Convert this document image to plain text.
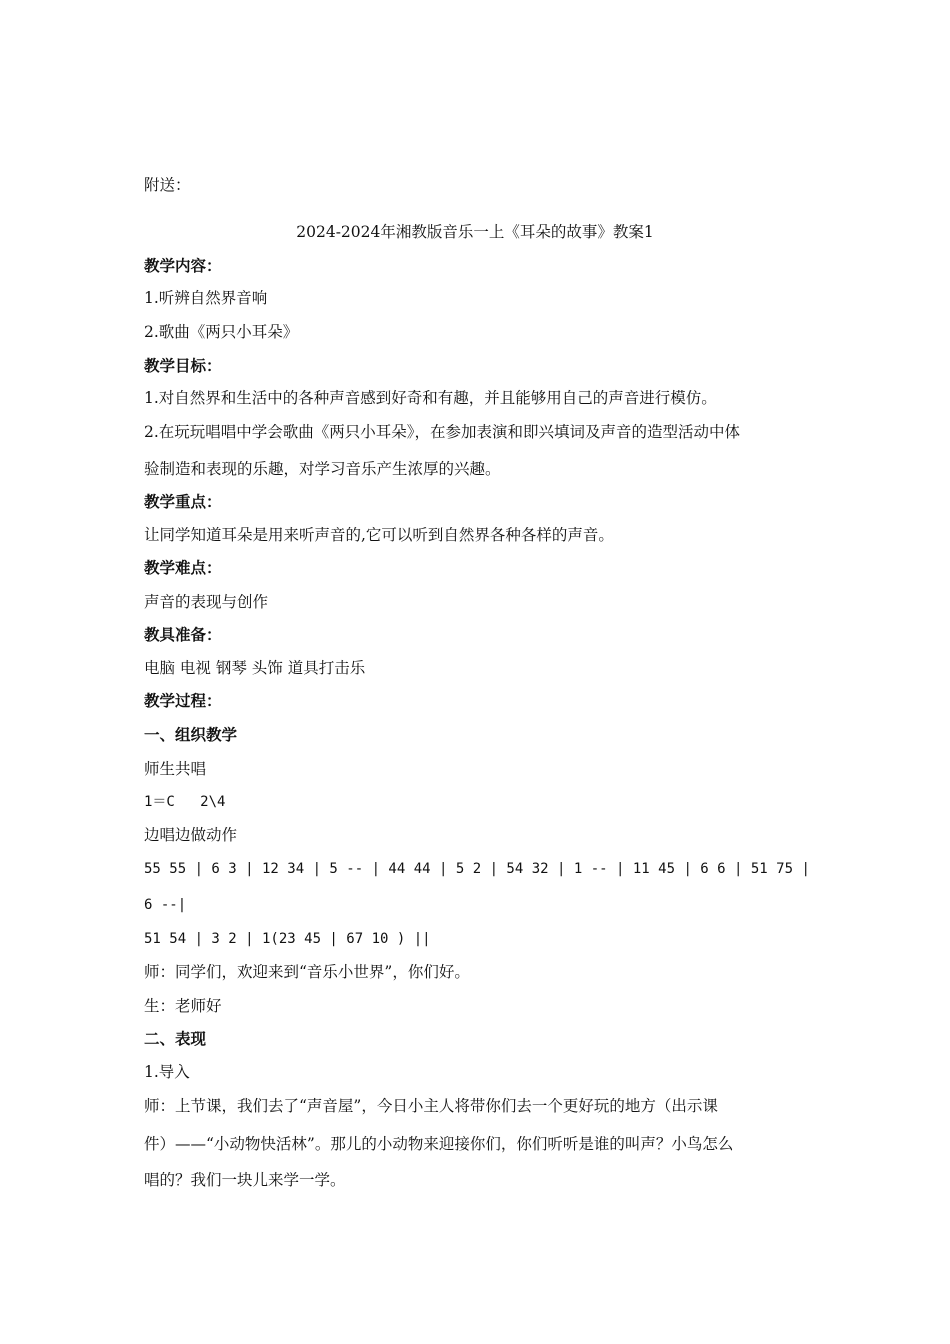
附送：
2024-2024年湘教版音乐一上《耳朵的故事》教案1
教学内容：
1.听辨自然界音响
2.歌曲《两只小耳朵》
教学目标：
1.对自然界和生活中的各种声音感到好奇和有趣，并且能够用自己的声音进行模仿。
2.在玩玩唱唱中学会歌曲《两只小耳朵》，在参加表演和即兴填词及声音的造型活动中体
验制造和表现的乐趣，对学习音乐产生浓厚的兴趣。
教学重点：
让同学知道耳朵是用来听声音的,它可以听到自然界各种各样的声音。
教学难点：
声音的表现与创作
教具准备：
电脑 电视 钢琴 头饰 道具打击乐
教学过程：
一、组织教学
师生共唱
1＝C   2\4
边唱边做动作
55 55 | 6 3 | 12 34 | 5 -- | 44 44 | 5 2 | 54 32 | 1 -- | 11 45 | 6 6 | 51 75 |
6 --|
51 54 | 3 2 | 1(23 45 | 67 10 ) ||
师：同学们，欢迎来到“音乐小世界”，你们好。
生：老师好
二、表现
1.导入
师：上节课，我们去了“声音屋”，今日小主人将带你们去一个更好玩的地方（出示课
件）——“小动物快活林”。那儿的小动物来迎接你们，你们听听是谁的叫声？小鸟怎么
唱的？我们一块儿来学一学。
